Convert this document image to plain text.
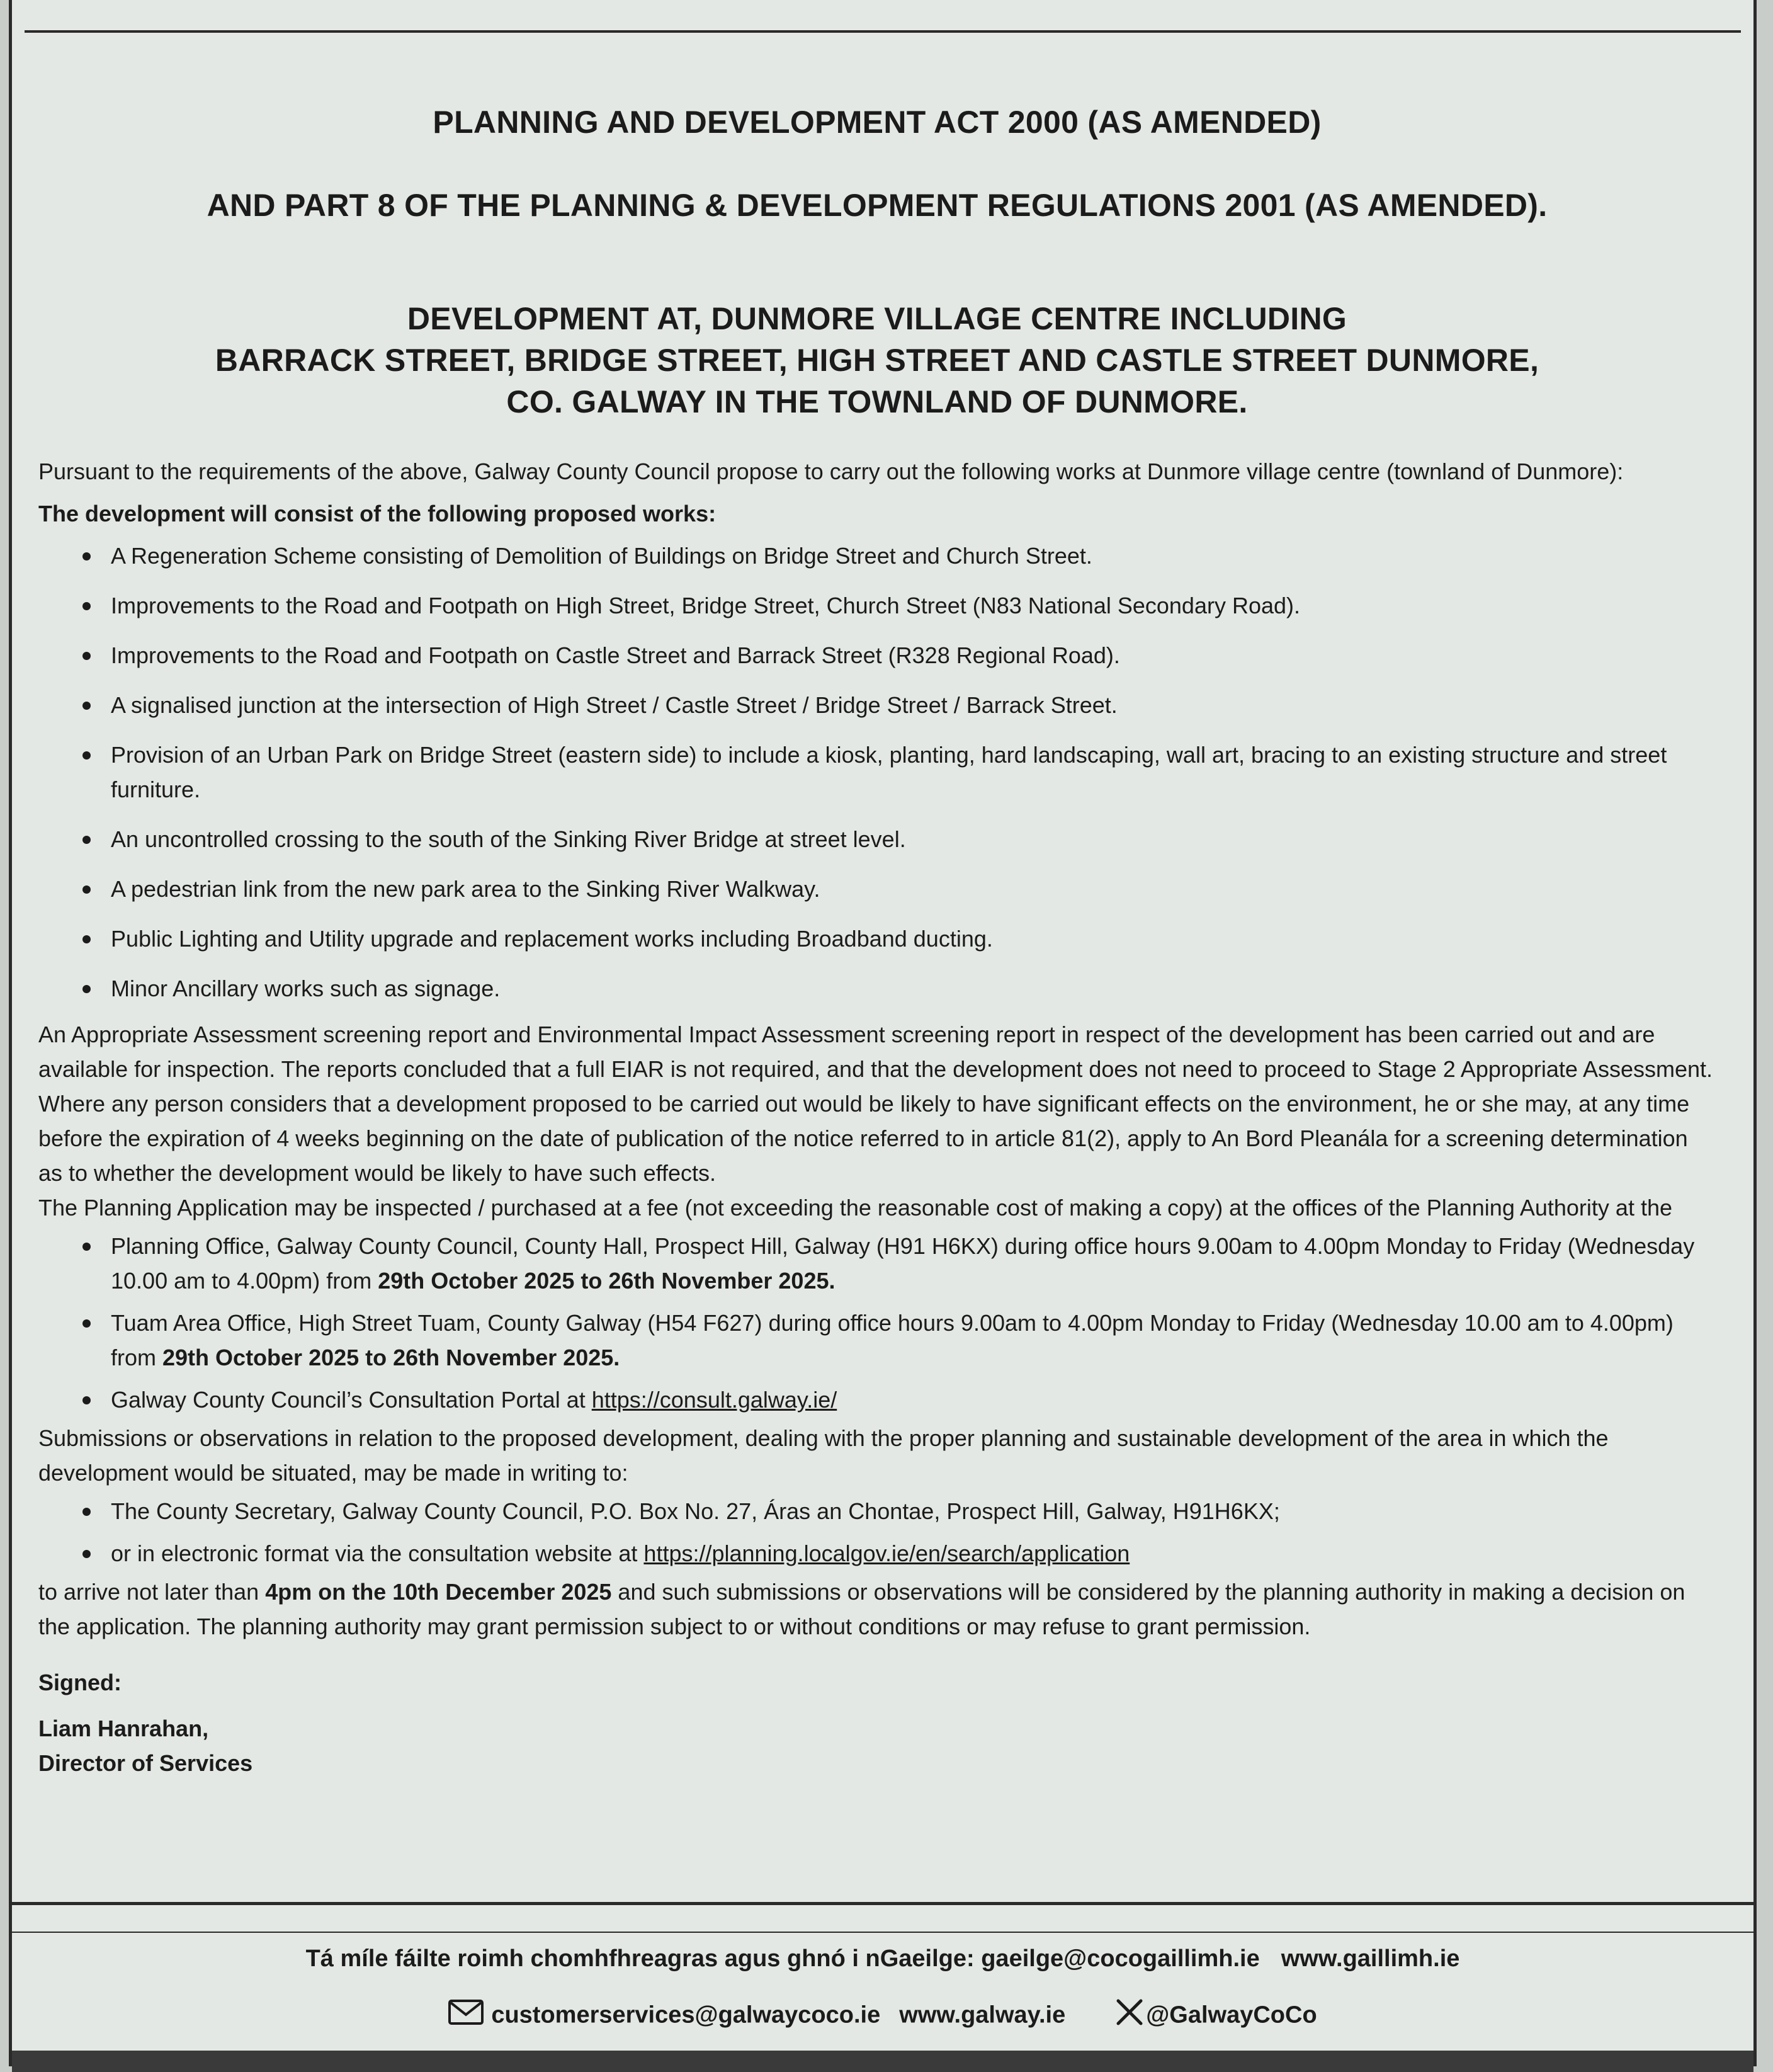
PLANNING AND DEVELOPMENT ACT 2000 (AS AMENDED)

AND PART 8 OF THE PLANNING & DEVELOPMENT REGULATIONS 2001 (AS AMENDED).

DEVELOPMENT AT, DUNMORE VILLAGE CENTRE INCLUDING
BARRACK STREET, BRIDGE STREET, HIGH STREET AND CASTLE STREET DUNMORE,
CO. GALWAY IN THE TOWNLAND OF DUNMORE.

Pursuant to the requirements of the above, Galway County Council propose to carry out the following works at Dunmore village centre (townland of Dunmore):

The development will consist of the following proposed works:

A Regeneration Scheme consisting of Demolition of Buildings on Bridge Street and Church Street.
Improvements to the Road and Footpath on High Street, Bridge Street, Church Street (N83 National Secondary Road).
Improvements to the Road and Footpath on Castle Street and Barrack Street (R328 Regional Road).
A signalised junction at the intersection of High Street / Castle Street / Bridge Street / Barrack Street.
Provision of an Urban Park on Bridge Street (eastern side) to include a kiosk, planting, hard landscaping, wall art, bracing to an existing structure and street furniture.
An uncontrolled crossing to the south of the Sinking River Bridge at street level.
A pedestrian link from the new park area to the Sinking River Walkway.
Public Lighting and Utility upgrade and replacement works including Broadband ducting.
Minor Ancillary works such as signage.

An Appropriate Assessment screening report and Environmental Impact Assessment screening report in respect of the development has been carried out and are available for inspection. The reports concluded that a full EIAR is not required, and that the development does not need to proceed to Stage 2 Appropriate Assessment. Where any person considers that a development proposed to be carried out would be likely to have significant effects on the environment, he or she may, at any time before the expiration of 4 weeks beginning on the date of publication of the notice referred to in article 81(2), apply to An Bord Pleanála for a screening determination as to whether the development would be likely to have such effects.

The Planning Application may be inspected / purchased at a fee (not exceeding the reasonable cost of making a copy) at the offices of the Planning Authority at the

Planning Office, Galway County Council, County Hall, Prospect Hill, Galway (H91 H6KX) during office hours 9.00am to 4.00pm Monday to Friday (Wednesday 10.00 am to 4.00pm) from 29th October 2025 to 26th November 2025.
Tuam Area Office, High Street Tuam, County Galway (H54 F627) during office hours 9.00am to 4.00pm Monday to Friday (Wednesday 10.00 am to 4.00pm) from 29th October 2025 to 26th November 2025.
Galway County Council’s Consultation Portal at https://consult.galway.ie/

Submissions or observations in relation to the proposed development, dealing with the proper planning and sustainable development of the area in which the development would be situated, may be made in writing to:

The County Secretary, Galway County Council, P.O. Box No. 27, Áras an Chontae, Prospect Hill, Galway, H91H6KX;
or in electronic format via the consultation website at https://planning.localgov.ie/en/search/application

to arrive not later than 4pm on the 10th December 2025 and such submissions or observations will be considered by the planning authority in making a decision on the application. The planning authority may grant permission subject to or without conditions or may refuse to grant permission.

Signed:

Liam Hanrahan,

Director of Services

Tá míle fáilte roimh chomhfhreagras agus ghnó i nGaeilge: gaeilge@cocogaillimh.ie www.gaillimh.ie
customerservices@galwaycoco.ie www.galway.ie	@GalwayCoCo
